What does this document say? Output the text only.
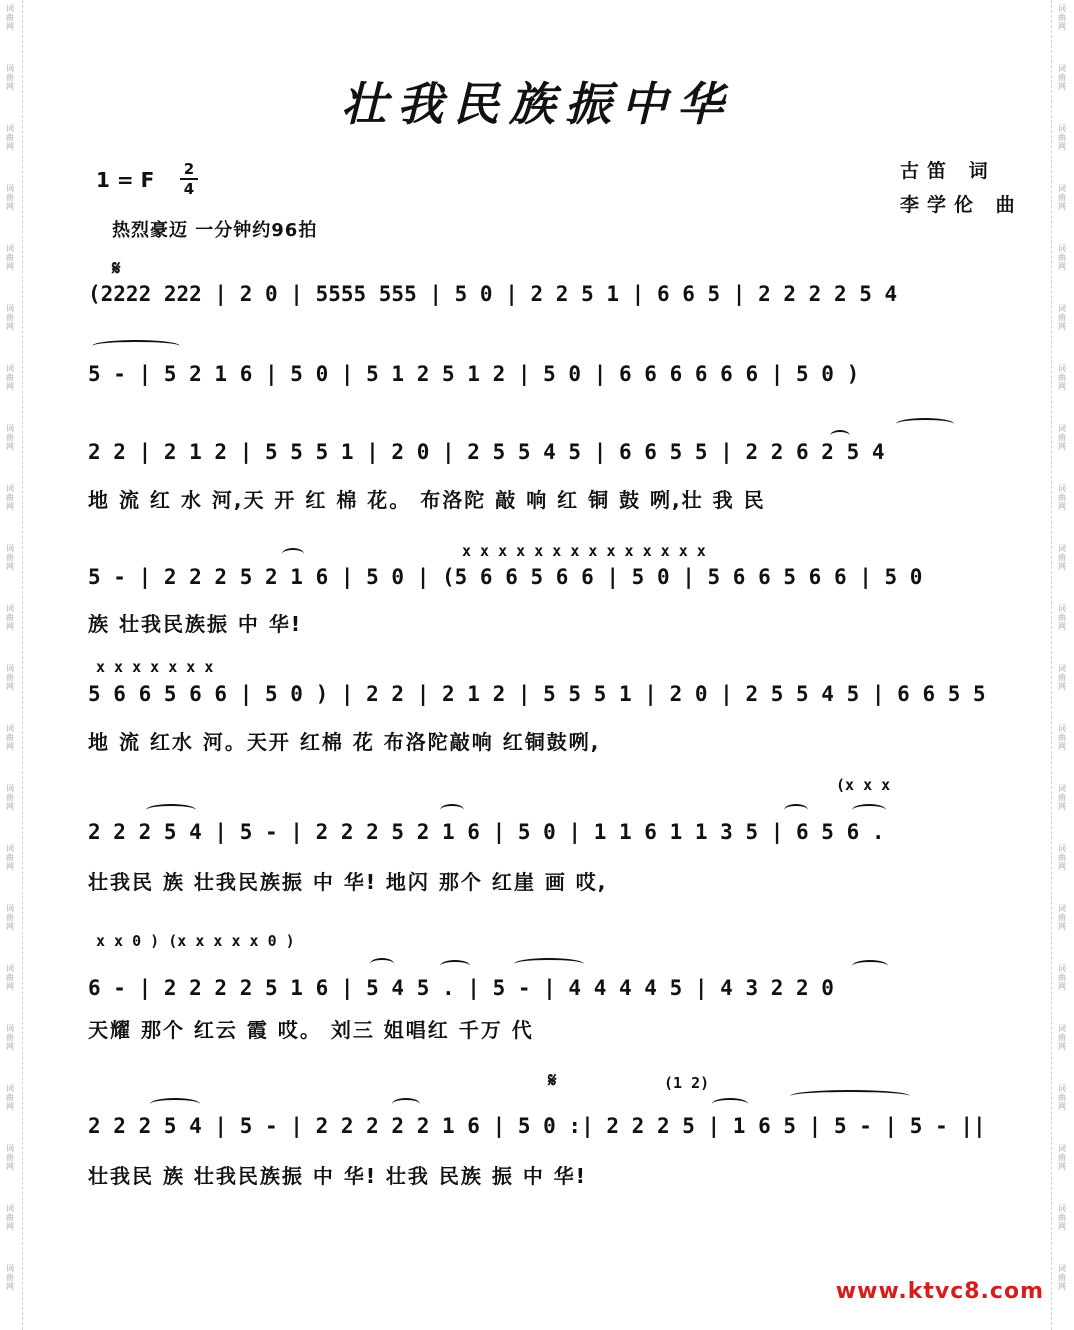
词
曲
网
词
曲
网
词
曲
网
词
曲
网
词
曲
网
词
曲
网
词
曲
网
词
曲
网
词
曲
网
词
曲
网
词
曲
网
词
曲
网
词
曲
网
词
曲
网
词
曲
网
词
曲
网
词
曲
网
词
曲
网
词
曲
网
词
曲
网
词
曲
网
词
曲
网
词
曲
网
词
曲
网
词
曲
网
词
曲
网
词
曲
网
词
曲
网
词
曲
网
词
曲
网
词
曲
网
词
曲
网
词
曲
网
词
曲
网
词
曲
网
词
曲
网
词
曲
网
词
曲
网
词
曲
网
词
曲
网
词
曲
网
词
曲
网
词
曲
网
词
曲
网
壮我民族振中华
1 = F	2
4
古笛 词
李学伦 曲
热烈豪迈 一分钟约96拍
𝄋
𝄋
(2222 222 | 2 0 | 5555 555 | 5 0 | 2 2 5 1 | 6 6 5 | 2 2 2 2 5 4
5 - | 5 2 1 6 | 5 0 | 5 1 2 5 1 2 | 5 0 | 6 6 6 6 6 6 | 5 0 )
2 2 | 2 1 2 | 5 5 5 1 | 2 0 | 2 5 5 4 5 | 6 6 5 5 | 2 2 6 2 5 4
地 流 红 水 河,天 开 红 棉 花。 布洛陀 敲 响 红 铜 鼓 咧,壮 我 民
x x x x x x x x x x x x x x
5 - | 2 2 2 5 2 1 6 | 5 0 | (5 6 6 5 6 6 | 5 0 | 5 6 6 5 6 6 | 5 0
族 壮我民族振 中 华!
x x x x x x x
5 6 6 5 6 6 | 5 0 ) | 2 2 | 2 1 2 | 5 5 5 1 | 2 0 | 2 5 5 4 5 | 6 6 5 5
地 流 红水 河。天开 红棉 花 布洛陀敲响 红铜鼓咧,
(x x x
2 2 2 5 4 | 5 - | 2 2 2 5 2 1 6 | 5 0 | 1 1 6 1 1 3 5 | 6 5 6 .
壮我民 族 壮我民族振 中 华! 地闪 那个 红崖 画 哎,
x x 0 ) (x x x x x 0 )
6 - | 2 2 2 2 5 1 6 | 5 4 5 . | 5 - | 4 4 4 4 5 | 4 3 2 2 0
天耀 那个 红云 霞 哎。 刘三 姐唱红 千万 代
(1 2)
2 2 2 5 4 | 5 - | 2 2 2 2 2 1 6 | 5 0 :| 2 2 2 5 | 1 6 5 | 5 - | 5 - ||
壮我民 族 壮我民族振 中 华! 壮我 民族 振 中 华!
www.ktvc8.com
